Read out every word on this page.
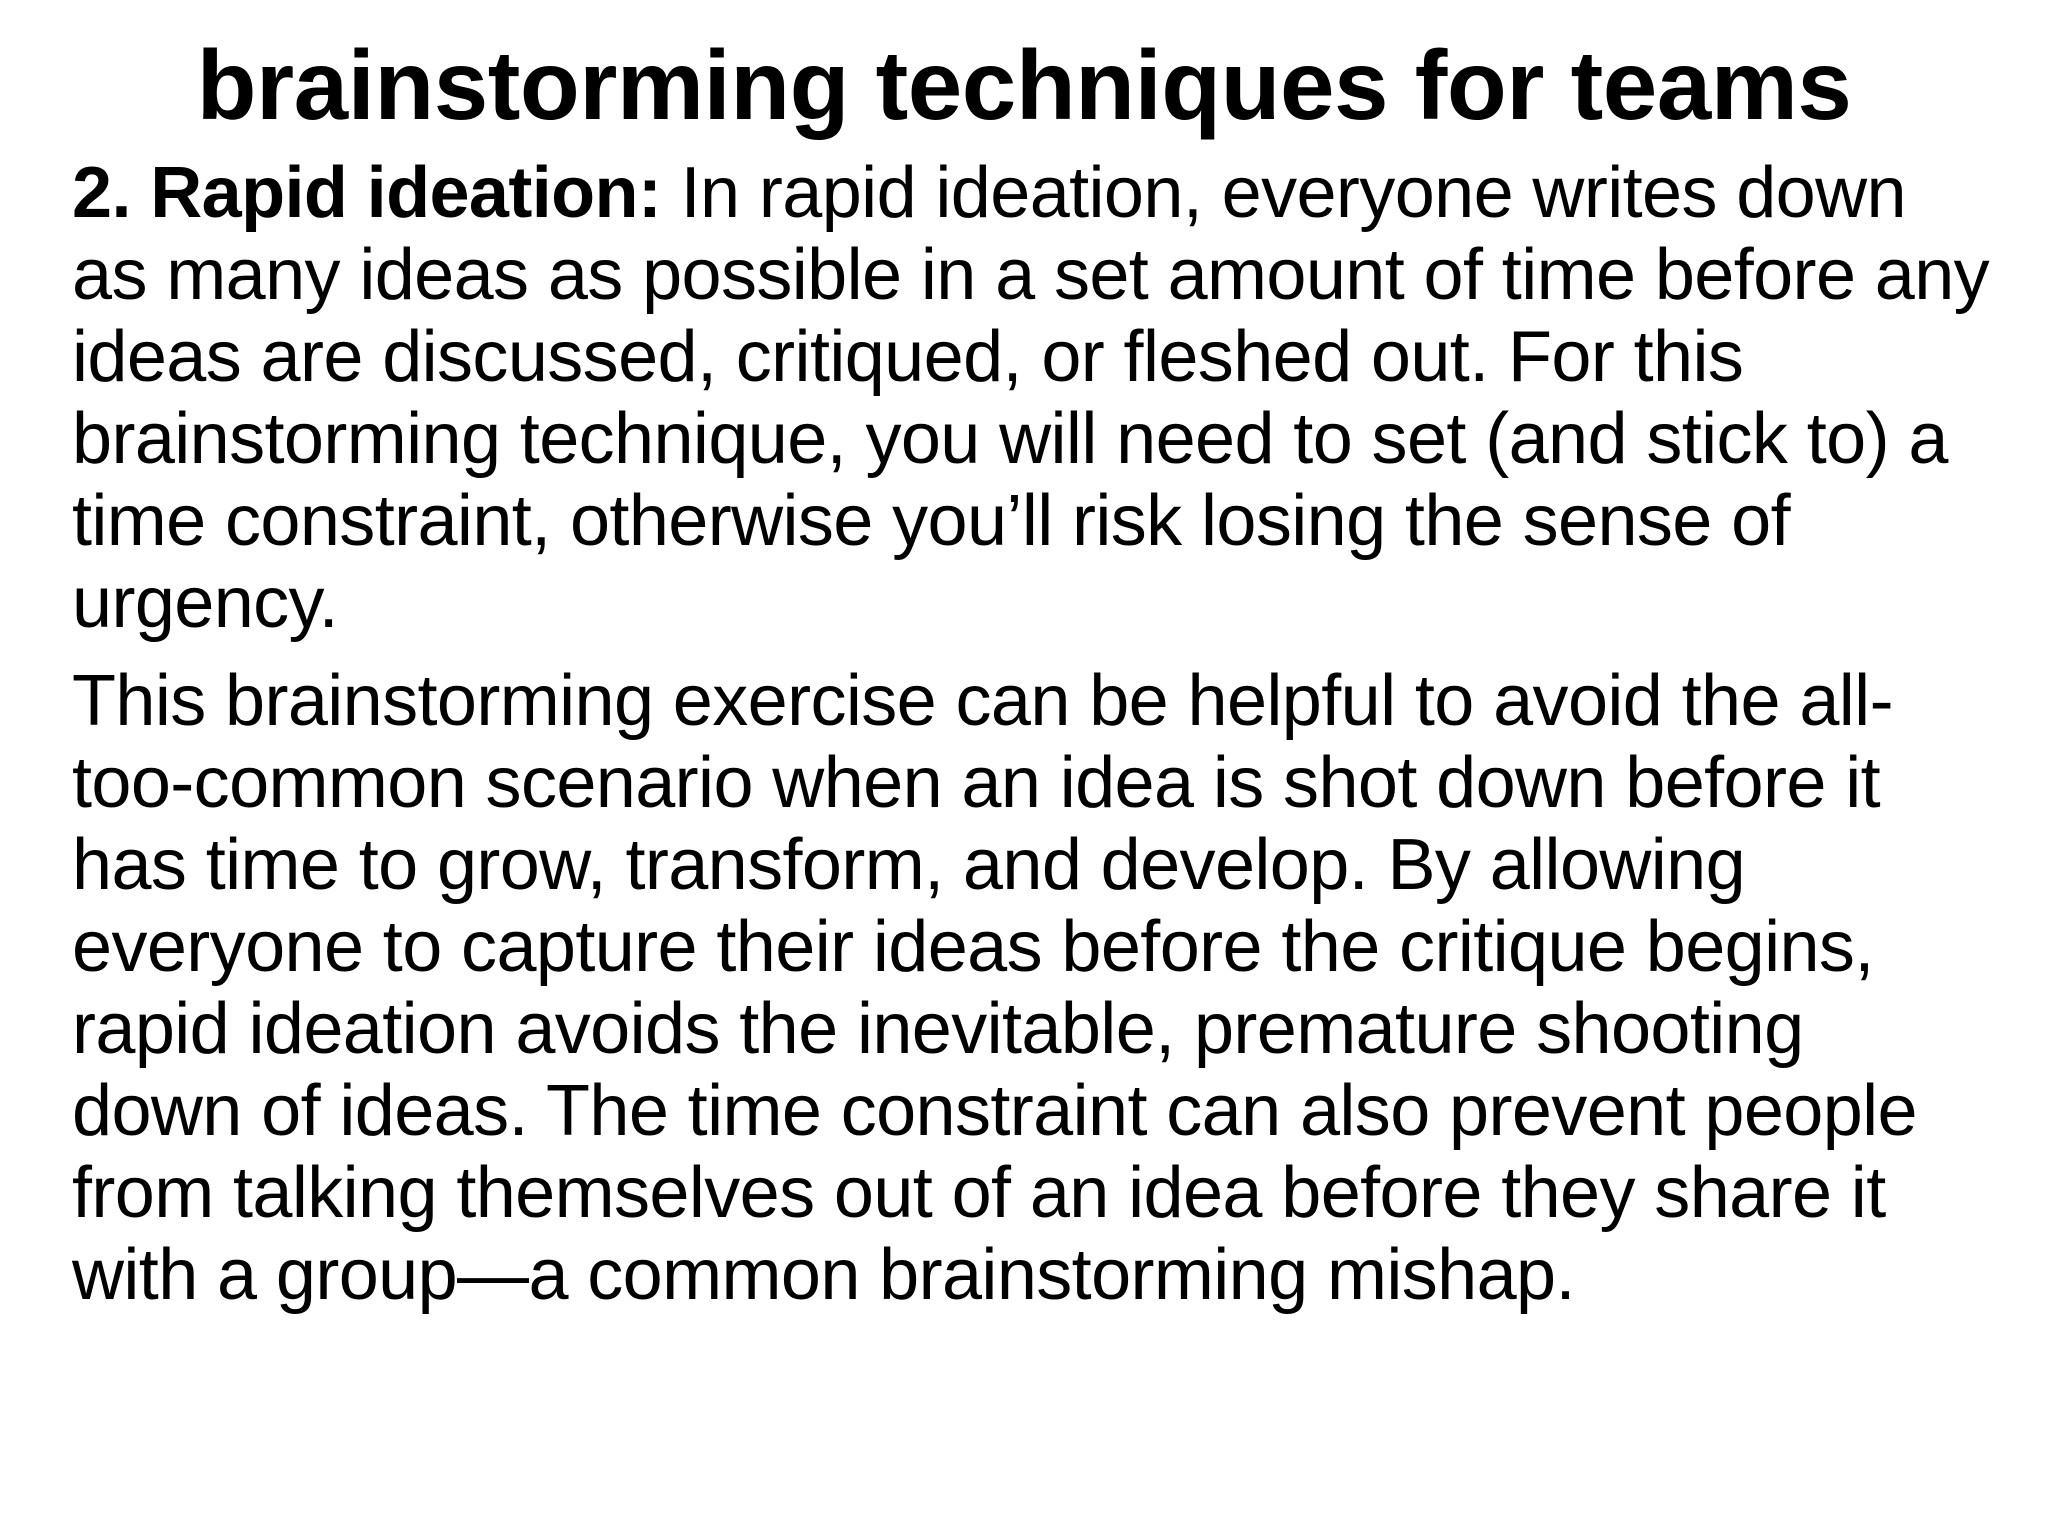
brainstorming techniques for teams

2. Rapid ideation: In rapid ideation, everyone writes down as many ideas as possible in a set amount of time before any ideas are discussed, critiqued, or fleshed out. For this brainstorming technique, you will need to set (and stick to) a time constraint, otherwise you’ll risk losing the sense of urgency.

This brainstorming exercise can be helpful to avoid the all-too-common scenario when an idea is shot down before it has time to grow, transform, and develop. By allowing everyone to capture their ideas before the critique begins, rapid ideation avoids the inevitable, premature shooting down of ideas. The time constraint can also prevent people from talking themselves out of an idea before they share it with a group—a common brainstorming mishap.
